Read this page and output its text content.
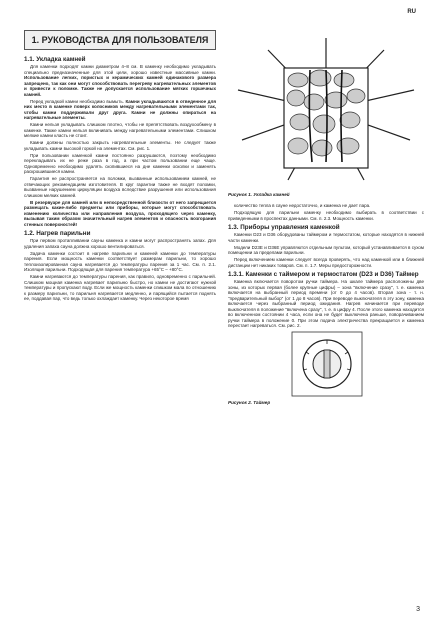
RU
1. РУКОВОДСТВА ДЛЯ ПОЛЬЗОВАТЕЛЯ
1.1. Укладка камней

Для каменки подходят камни диаметром 4–8 см. В каменку необходимо укладывать специально предназначенные для этой цели, хорошо известные массивные камни. Использование легких, пористых и керамических камней одинакового размера запрещено, так как они могут способствовать перегреву нагревательных элементов и привести к поломке. Также не допускается использование мягких горшечных камней.

Перед укладкой камни необходимо вымыть. Камни укладываются в отведенное для них место в каменке поверх колосников между нагревательными элементами так, чтобы камни поддерживали друг друга. Камни не должны опираться на нагревательные элементы.

Камни нельзя укладывать слишком плотно, чтобы не препятствовать воздухообмену в каменке. Также камни нельзя вклинивать между нагревательными элементами. Слишком мелкие камни класть не стоит.

Камни должны полностью закрыть нагревательные элементы. Не следует также укладывать камни высокой горкой на элементах. См. рис. 1.

При пользовании каменкой камни постоянно разрушаются, поэтому необходимо перекладывать их не реже раза в год, а при частом пользовании еще чаще. Одновременно необходимо удалять скопившиеся на дне каменки осколки и заменять раскрошившиеся камни.

Гарантия не распространяется на поломки, вызванные использованием камней, не отвечающих рекомендациям изготовителя. В круг гарантии также не входят поломки, вызванные нарушением циркуляции воздуха вследствие разрушения или использования слишком мелких камней.

В резервуаре для камней или в непосредственной близости от него запрещается размещать какие-либо предметы или приборы, которые могут способствовать изменению количества или направления воздуха, проходящего через каменку, вызывая таким образом значительный нагрев элементов и опасность возгорания стенных поверхностей!

1.2. Нагрев парильни

При первом протапливании сауны каменка и камни могут распространять запах. Для удаления запаха сауна должна хорошо вентилироваться.

Задача каменки состоит в нагреве парильни и каменей каменки до температуры парения. Если мощность каменки соответствует размерам парильни, то хорошо теплоизолированная сауна нагревается до температуры парения за 1 час. См. п. 2.1. Изоляция парильни. Подходящая для парения температура +65°C – +80°C.

Камни нагреваются до температуры парения, как правило, одновременно с парильней. Слишком мощная каменка нагревает парильню быстро, но камни не достигают нужной температуры и пропускают воду. Если же мощность каменки слишком мала по отношению к размеру парильни, то парильня нагревается медленно, и парящийся пытается поднять ее, поддавая пар, что ведь только охлаждает каменку. Через некоторое время

Рисунок 1. Укладка камней

количество тепла в сауне недостаточно, и каменка не дает пара.

Подходящую для парильни каменку необходимо выбирать в соответствии с приведенными в проспектах данными. См. п. 2.3. Мощность каменки.

1.3. Приборы управления каменкой

Каменки D23 и D36 оборудованы таймером и термостатом, которые находятся в нижней части каменки.

Модели D23E и D36E управляются отдельным пультом, который устанавливается в сухом помещении за пределами парильни.

Перед включением каменки следует всегда проверять, что над каменкой или в ближней дистанции нет никаких товаров. См. п. 1.7. Меры предосторожности.

1.3.1. Каменки с таймером и термостатом (D23 и D36) Таймер

Каменка включается поворотом ручки таймера. На шкале таймера расположены две зоны, из которых первая (более крупные цифры) – зона "включение сразу", т. е. каменка включается на выбранный период времени (от 0 до 4 часов). Вторая зона - т. н. "предварительный выбор" (от 1 до 8 часов). При переводе выключателя в эту зону, каменка включается через выбранный период ожидания. Нагрев начинается при переводе выключателя в положение "включена сразу", т. е. в цифру 4. После этого каменка находится во включенном состоянии 4 часа, если она не будет выключена раньше, поворачиванием ручки таймера в положение 0. При этом подача электричества прекращается и каменка перестает нагреваться. См. рис. 2.

Рисунок 2. Таймер
3
